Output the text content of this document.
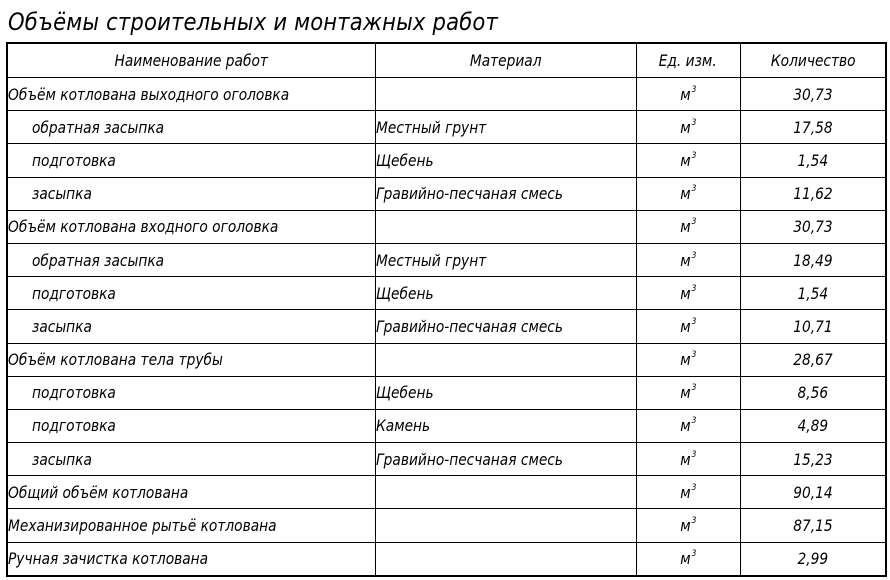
Объёмы строительных и монтажных работ
Наименование работ	Материал	Ед. изм.	Количество
Объём котлована выходного оголовка		$м^3$	30,73
обратная засыпка	Местный грунт	$м^3$	17,58
подготовка	Щебень	$м^3$	1,54
засыпка	Гравийно-песчаная смесь	$м^3$	11,62
Объём котлована входного оголовка		$м^3$	30,73
обратная засыпка	Местный грунт	$м^3$	18,49
подготовка	Щебень	$м^3$	1,54
засыпка	Гравийно-песчаная смесь	$м^3$	10,71
Объём котлована тела трубы		$м^3$	28,67
подготовка	Щебень	$м^3$	8,56
подготовка	Камень	$м^3$	4,89
засыпка	Гравийно-песчаная смесь	$м^3$	15,23
Общий объём котлована		$м^3$	90,14
Механизированное рытьё котлована		$м^3$	87,15
Ручная зачистка котлована		$м^3$	2,99
